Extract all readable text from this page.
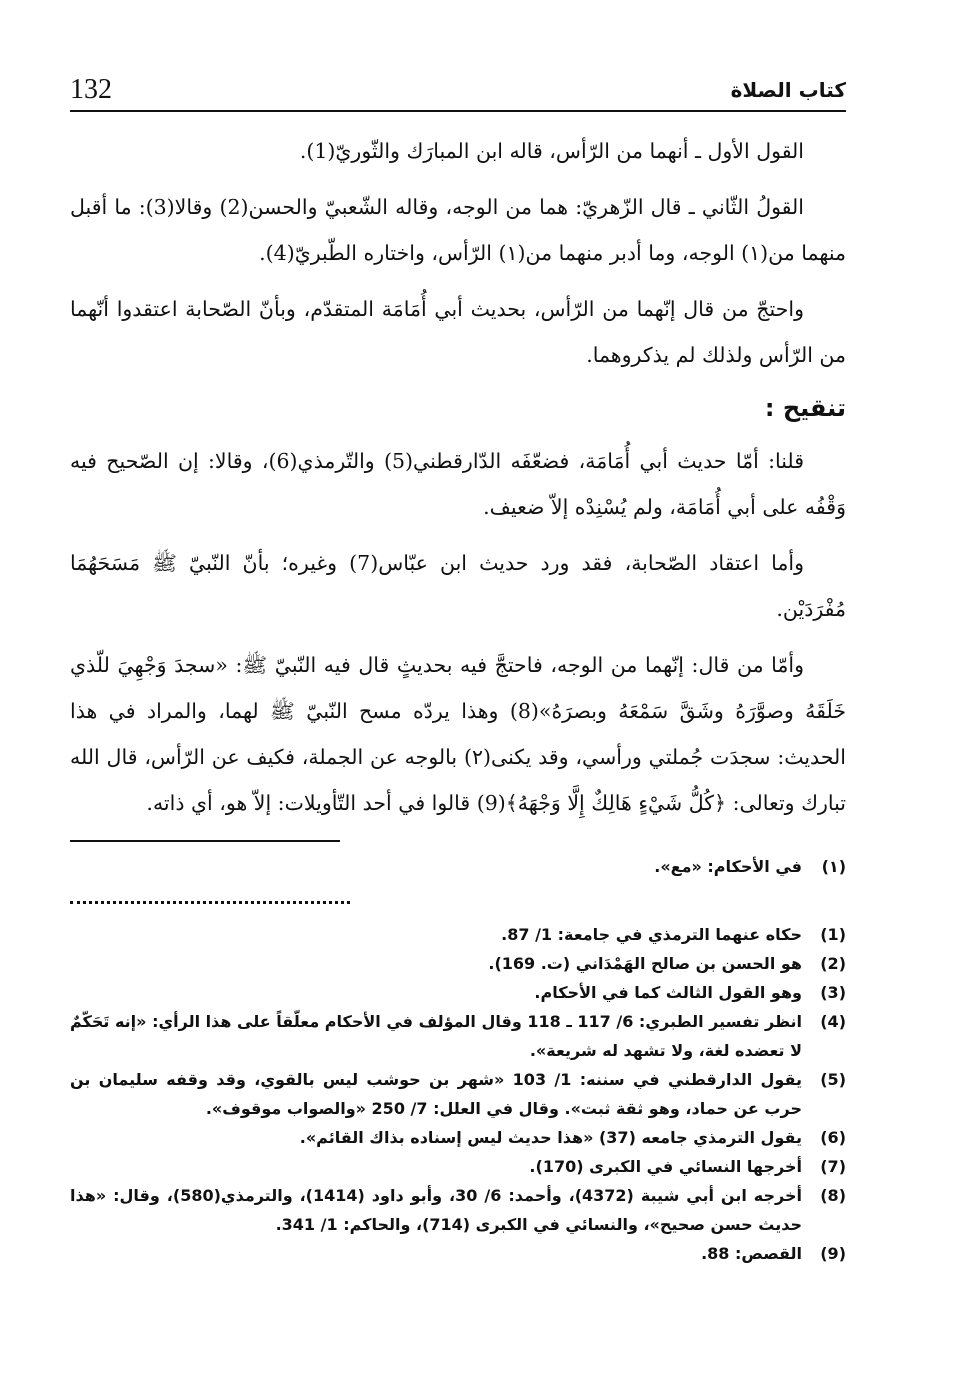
132	كتاب الصلاة

القول الأول ـ أنهما من الرّأس، قاله ابن المبارَك والثّوريّ(1).

القولُ الثّاني ـ قال الزّهريّ: هما من الوجه، وقاله الشّعبيّ والحسن(2) وقالا(3): ما أقبل منهما من(١) الوجه، وما أدبر منهما من(١) الرّأس، واختاره الطّبريّ(4).

واحتجّ من قال إنّهما من الرّأس، بحديث أبي أُمَامَة المتقدّم، وبأنّ الصّحابة اعتقدوا أنّهما من الرّأس ولذلك لم يذكروهما.

تنقيح :

قلنا: أمّا حديث أبي أُمَامَة، فضعّفَه الدّارقطني(5) والتّرمذي(6)، وقالا: إن الصّحيح فيه وَقْفُه على أبي أُمَامَة، ولم يُسْنِدْه إلاّ ضعيف.

وأما اعتقاد الصّحابة، فقد ورد حديث ابن عبّاس(7) وغيره؛ بأنّ النّبيّ ﷺ مَسَحَهُمَا مُفْرَدَيْن.

وأمّا من قال: إنّهما من الوجه، فاحتجَّ فيه بحديثٍ قال فيه النّبيّ ﷺ: «سجدَ وَجْهِيَ للّذي خَلَقَهُ وصوَّرَهُ وشَقَّ سَمْعَهُ وبصرَهُ»(8) وهذا يردّه مسح النّبيّ ﷺ لهما، والمراد في هذا الحديث: سجدَت جُملتي ورأسي، وقد يكنى(٢) بالوجه عن الجملة، فكيف عن الرّأس، قال الله تبارك وتعالى: ﴿كُلُّ شَيْءٍ هَالِكٌ إِلَّا وَجْهَهُ﴾(9) قالوا في أحد التّأويلات: إلاّ هو، أي ذاته.

(١)
في الأحكام: «مع».
(1)
حكاه عنهما الترمذي في جامعة: 1/ 87.
(2)
هو الحسن بن صالح الهَمْدَاني (ت. 169).
(3)
وهو القول الثالث كما في الأحكام.
(4)
انظر تفسير الطبري: 6/ 117 ـ 118 وقال المؤلف في الأحكام معلّقاً على هذا الرأي: «إنه تَحَكّمٌ لا تعضده لغة، ولا تشهد له شريعة».
(5)
يقول الدارقطني في سننه: 1/ 103 «شهر بن حوشب ليس بالقوي، وقد وقفه سليمان بن حرب عن حماد، وهو ثقة ثبت». وقال في العلل: 7/ 250 «والصواب موقوف».
(6)
يقول الترمذي جامعه (37) «هذا حديث ليس إسناده بذاك القائم».
(7)
أخرجها النسائي في الكبرى (170).
(8)
أخرجه ابن أبي شيبة (4372)، وأحمد: 6/ 30، وأبو داود (1414)، والترمذي(580)، وقال: «هذا حديث حسن صحيح»، والنسائي في الكبرى (714)، والحاكم: 1/ 341.
(9)
القصص: 88.
